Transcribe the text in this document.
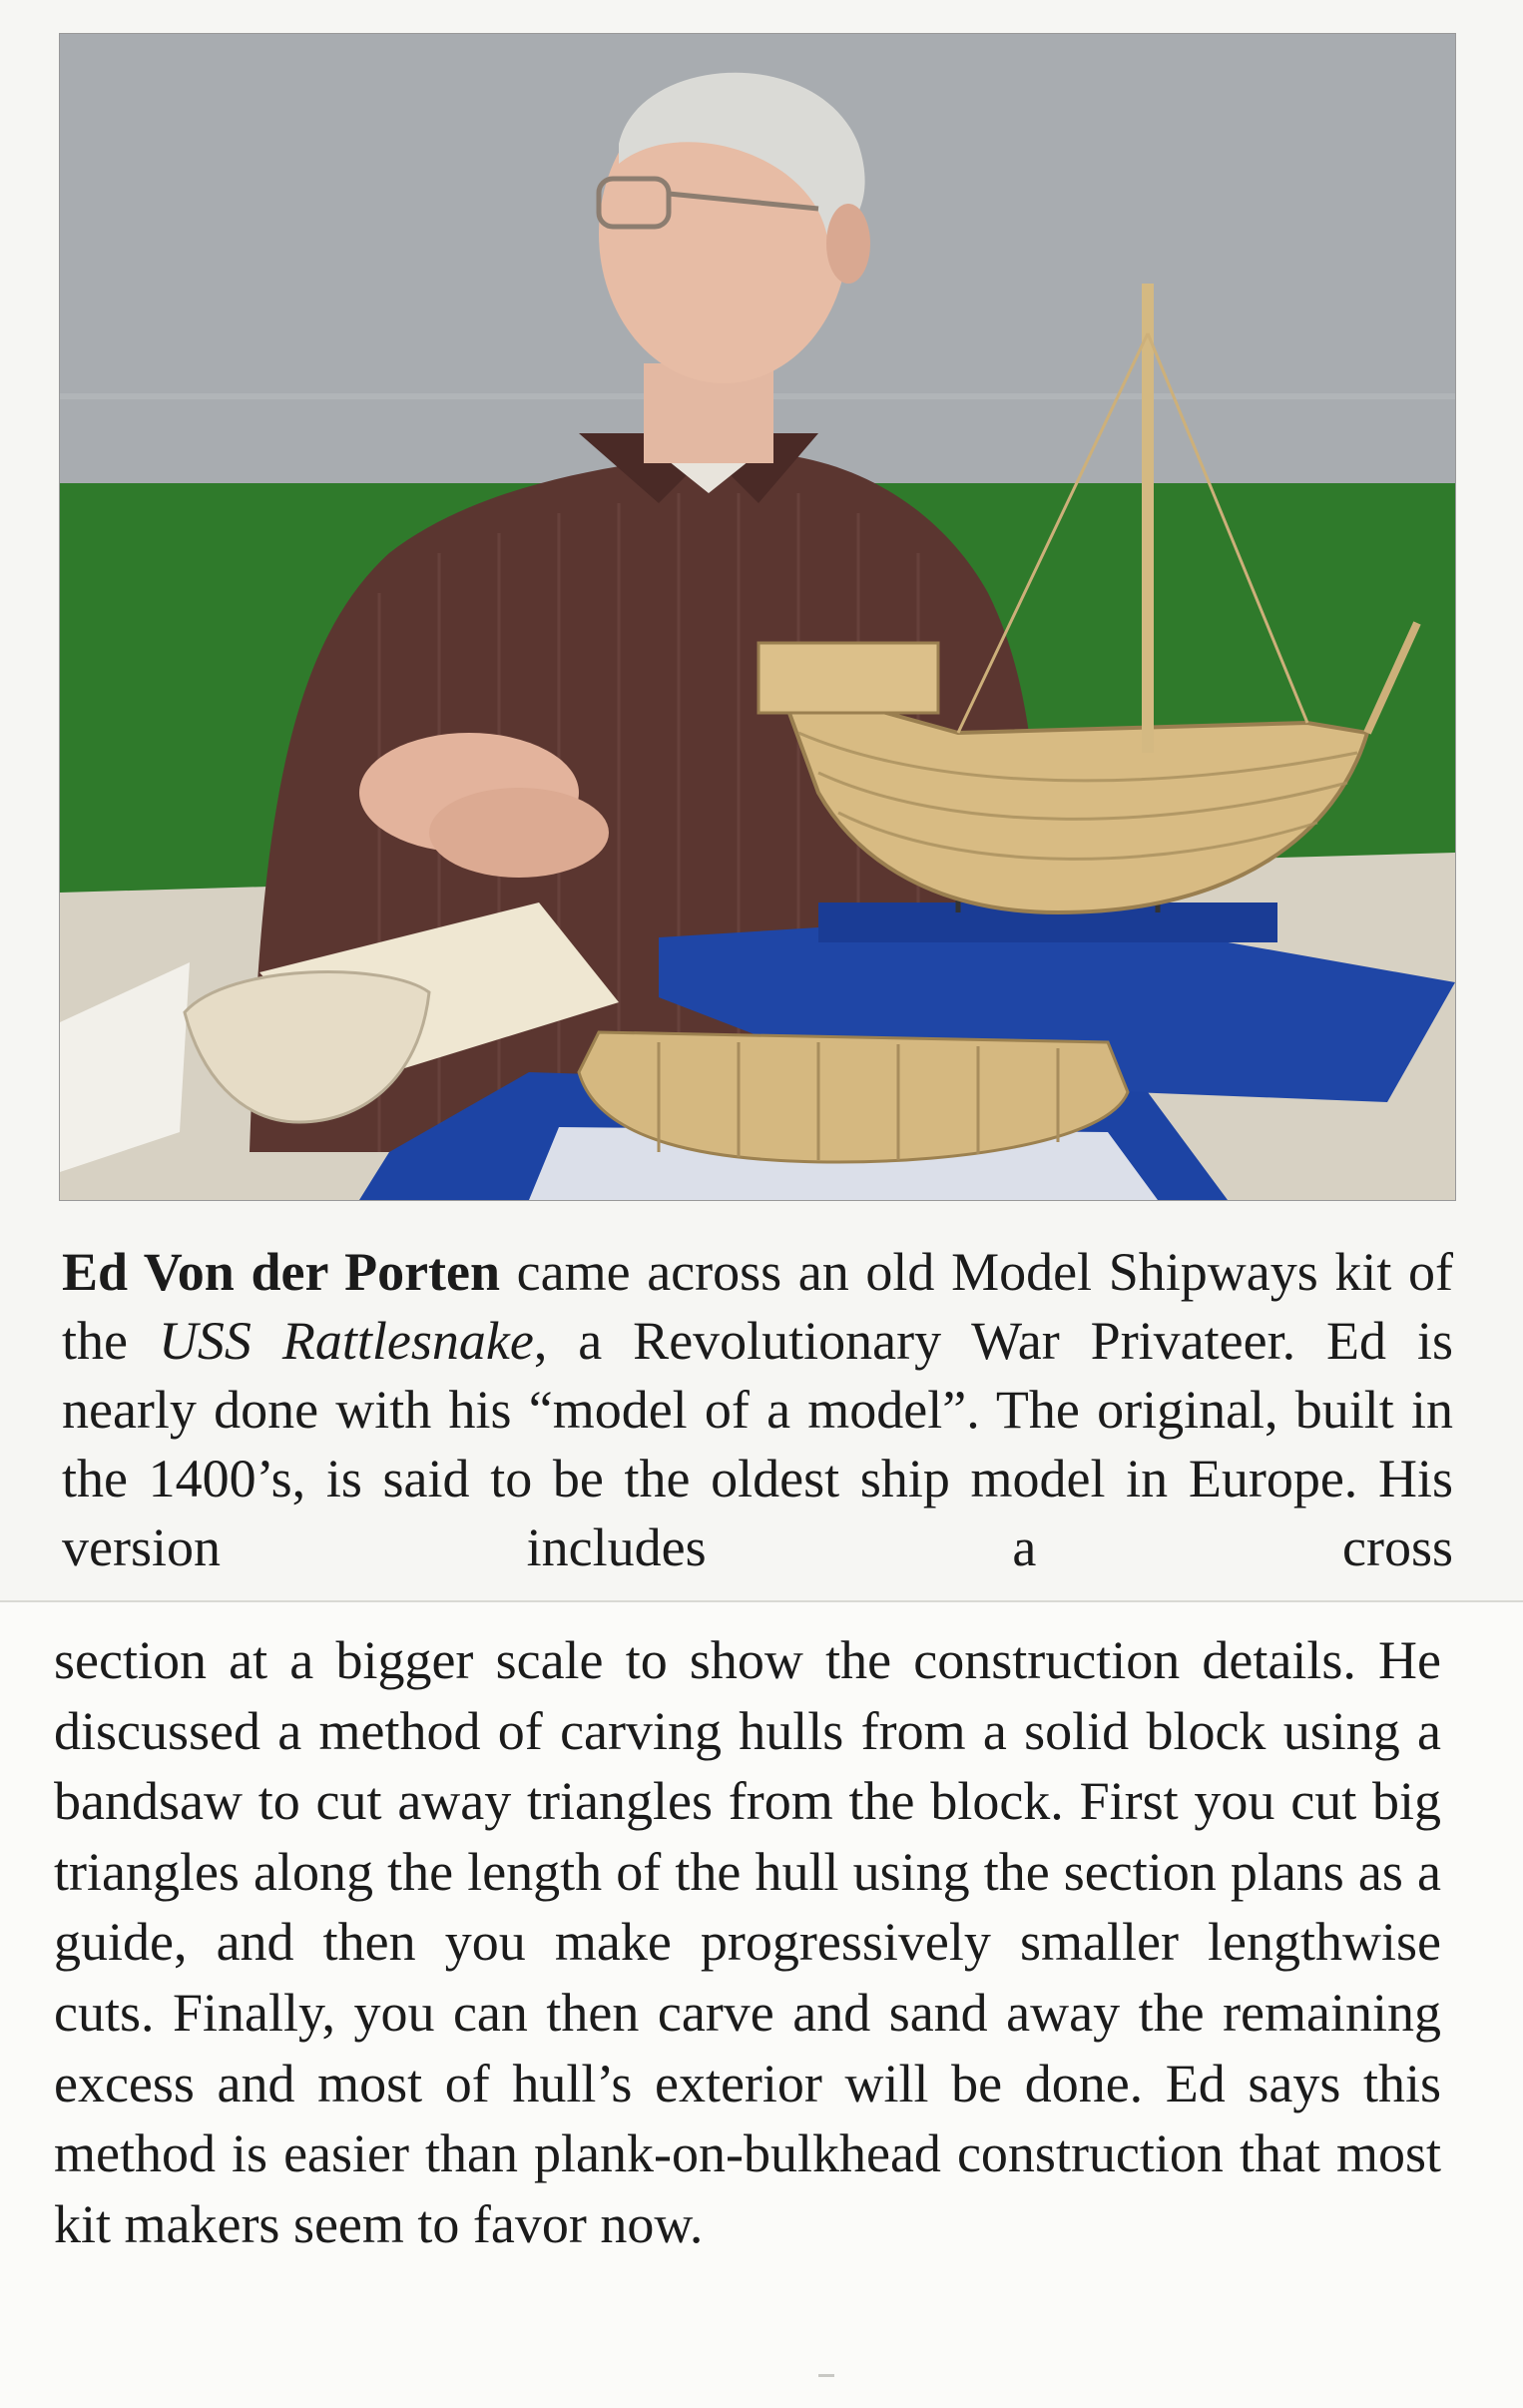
Ed Von der Porten came across an old Model Shipways kit of the USS Rattlesnake, a Revolutionary War Privateer. Ed is nearly done with his “model of a model”. The original, built in the 1400’s, is said to be the oldest ship model in Europe. His version includes a cross
section at a bigger scale to show the construction details. He discussed a method of carving hulls from a solid block using a bandsaw to cut away triangles from the block. First you cut big triangles along the length of the hull using the section plans as a guide, and then you make progressively smaller lengthwise cuts. Finally, you can then carve and sand away the remaining excess and most of hull’s exterior will be done. Ed says this method is easier than plank-on-bulkhead construction that most kit makers seem to favor now.
